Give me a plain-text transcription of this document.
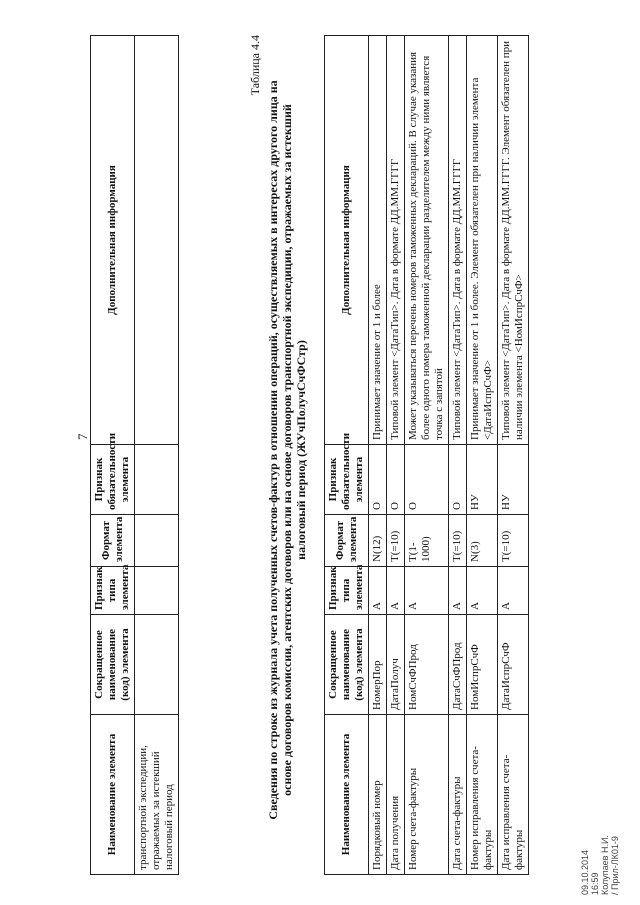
7
Наименование элемента	Сокращенное наименование (код) элемента	Признак типа элемента	Формат элемента	Признак обязательности элемента	Дополнительная информация
транспортной экспедиции, отражаемых за истекший налоговый период					
Таблица 4.4
Сведения по строке из журнала учета полученных счетов-фактур в отношении операций, осуществляемых в интересах другого лица на основе договоров комиссии, агентских договоров или на основе договоров транспортной экспедиции, отражаемых за истекший налоговый период (ЖУчПолучСчФСтр)
Наименование элемента	Сокращенное наименование (код) элемента	Признак типа элемента	Формат элемента	Признак обязательности элемента	Дополнительная информация
Порядковый номер	НомерПор	А	N(12)	О	Принимает значение от 1 и более
Дата получения	ДатаПолуч	А	T(=10)	О	Типовой элемент <ДатаТип>. Дата в формате ДД.ММ.ГГГГ
Номер счета-фактуры	НомСчФПрод	А	T(1-1000)	О	Может указываться перечень номеров таможенных деклараций. В случае указания более одного номера таможенной декларации разделителем между ними является точка с запятой
Дата счета-фактуры	ДатаСчФПрод	А	T(=10)	О	Типовой элемент <ДатаТип>. Дата в формате ДД.ММ.ГГГГ
Номер исправления счета-фактуры	НомИспрСчФ	А	N(3)	НУ	Принимает значение от 1 и более. Элемент обязателен при наличии элемента <ДатаИспрСчФ>
Дата исправления счета-фактуры	ДатаИспрСчФ	А	T(=10)	НУ	Типовой элемент <ДатаТип>. Дата в формате ДД.ММ.ГГГГ. Элемент обязателен при наличии элемента <НомИспрСчФ>
09.10.2014 16:59 Колупаев Н.И. / Прил-ЛК01-9
